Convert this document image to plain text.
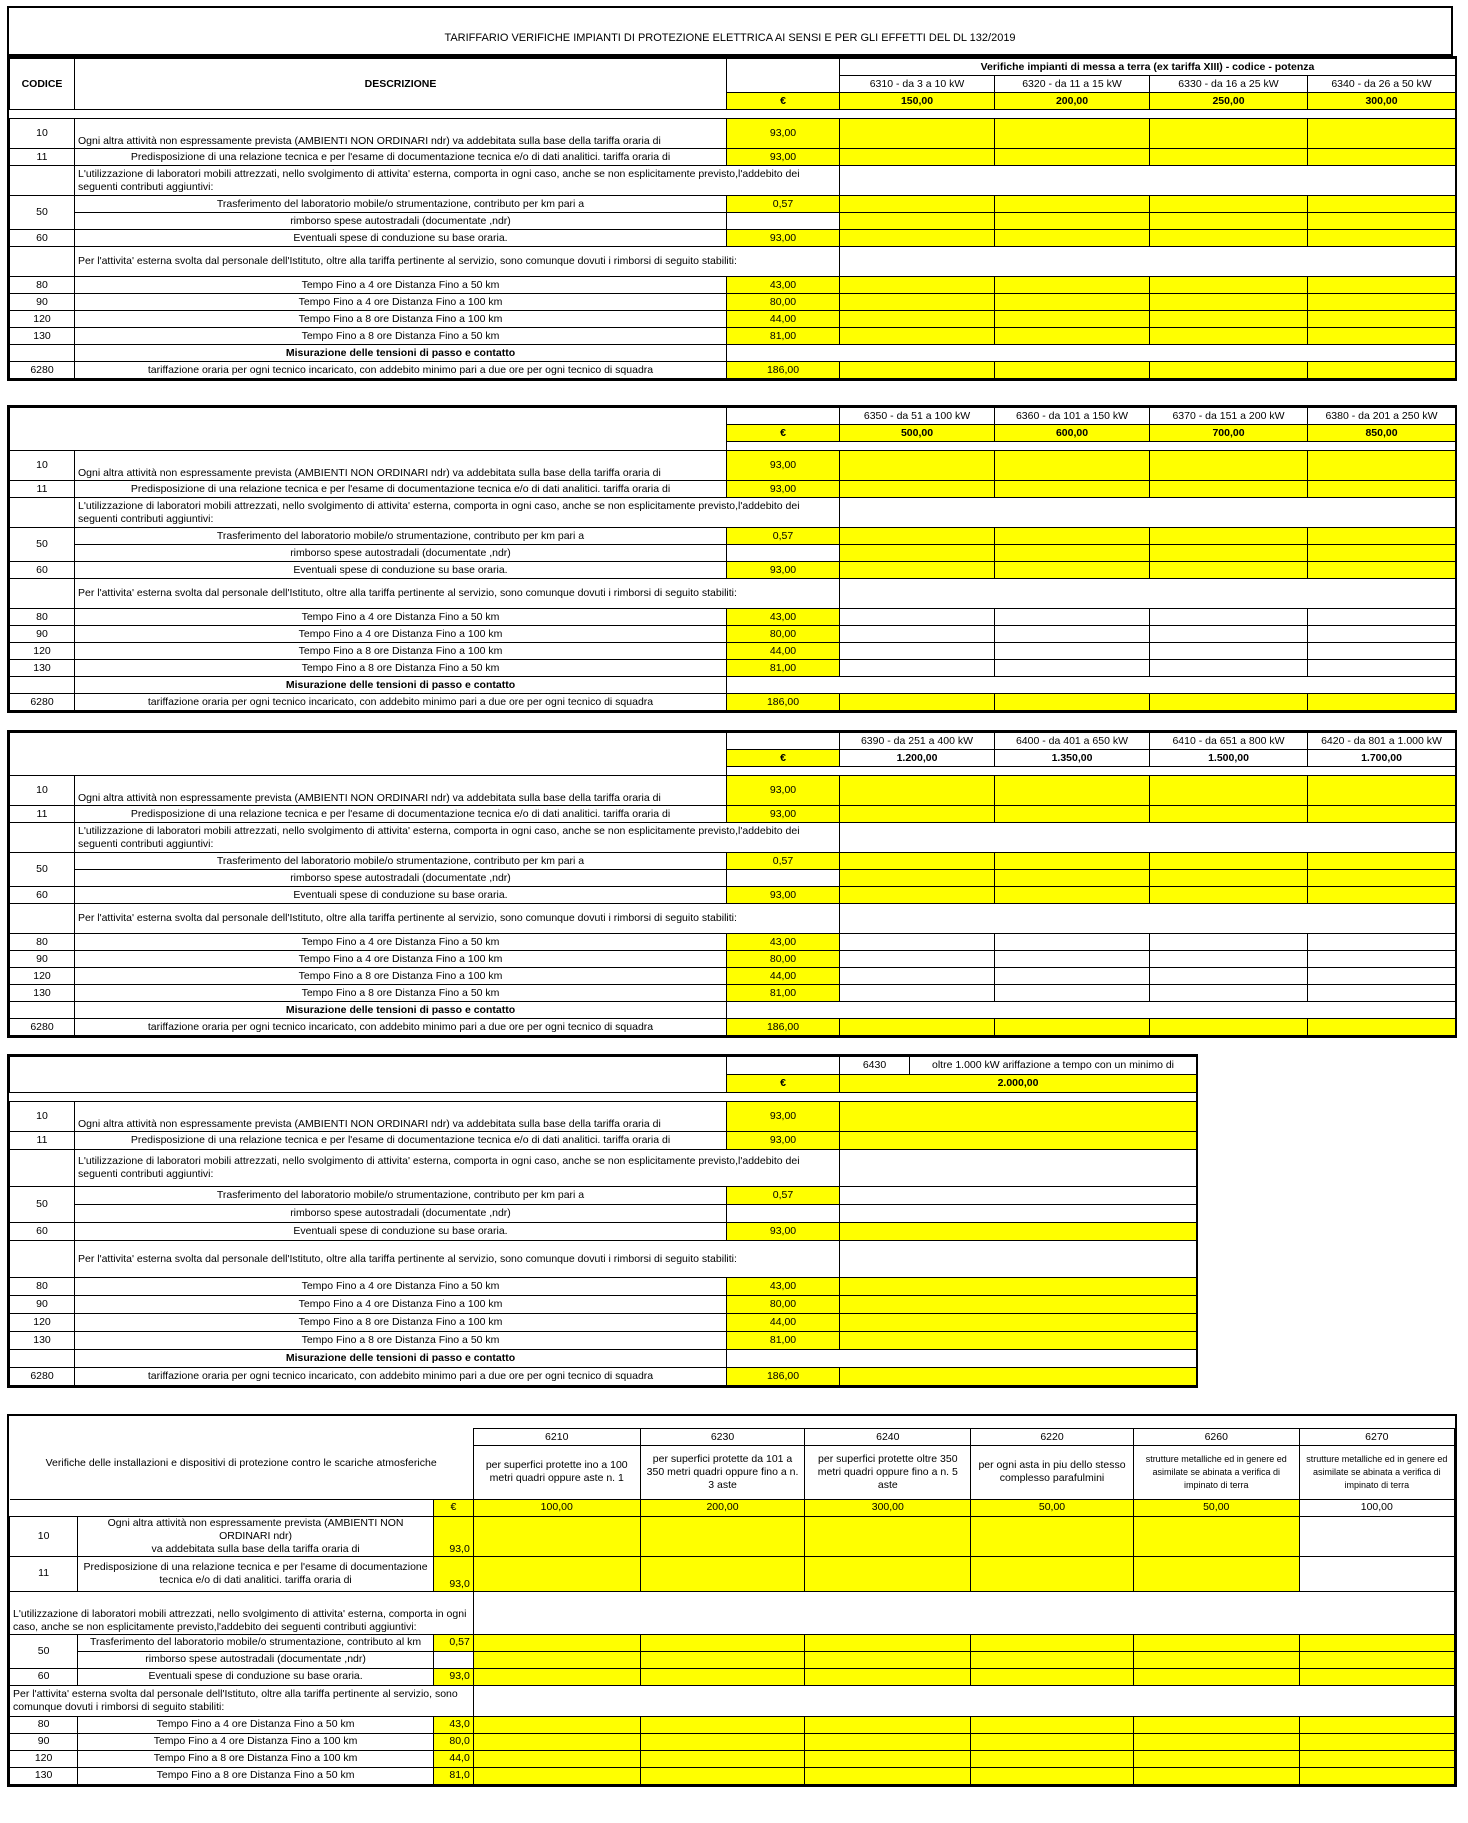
TARIFFARIO VERIFICHE IMPIANTI DI PROTEZIONE ELETTRICA AI SENSI E PER GLI EFFETTI DEL DL 132/2019
CODICE	DESCRIZIONE		Verifiche impianti di messa a terra (ex tariffa XIII) - codice - potenza			
			6310 - da 3 a 10 kW	6320 - da 11 a 15 kW	6330 - da 16 a 25 kW	6340 - da 26 a 50 kW
		€	150,00	200,00	250,00	300,00

10	Ogni altra attività non espressamente prevista (AMBIENTI NON ORDINARI ndr) va addebitata sulla base della tariffa oraria di	93,00				
11	Predisposizione di una relazione tecnica e per l'esame di documentazione tecnica e/o di dati analitici. tariffa oraria di	93,00				
	L'utilizzazione di laboratori mobili attrezzati, nello svolgimento di attivita' esterna, comporta in ogni caso, anche se non esplicitamente previsto,l'addebito dei seguenti contributi aggiuntivi:					
50	Trasferimento del laboratorio mobile/o strumentazione, contributo per km pari a	0,57				
	rimborso spese autostradali (documentate ,ndr)					
60	Eventuali spese di conduzione su base oraria.	93,00				
	Per l'attivita' esterna svolta dal personale dell'Istituto, oltre alla tariffa pertinente al servizio, sono comunque dovuti i rimborsi di seguito stabiliti:					
80	Tempo Fino a 4 ore Distanza Fino a 50 km	43,00				
90	Tempo Fino a 4 ore Distanza Fino a 100 km	80,00				
120	Tempo Fino a 8 ore Distanza Fino a 100 km	44,00				
130	Tempo Fino a 8 ore Distanza Fino a 50 km	81,00				
	Misurazione delle tensioni di passo e contatto					
6280	tariffazione oraria per ogni tecnico incaricato, con addebito minimo pari a due ore per ogni tecnico di squadra	186,00				
			6350 - da 51 a 100 kW	6360 - da 101 a 150 kW	6370 - da 151 a 200 kW	6380 - da 201 a 250 kW
		€	500,00	600,00	700,00	850,00

10	Ogni altra attività non espressamente prevista (AMBIENTI NON ORDINARI ndr) va addebitata sulla base della tariffa oraria di	93,00				
11	Predisposizione di una relazione tecnica e per l'esame di documentazione tecnica e/o di dati analitici. tariffa oraria di	93,00				
	L'utilizzazione di laboratori mobili attrezzati, nello svolgimento di attivita' esterna, comporta in ogni caso, anche se non esplicitamente previsto,l'addebito dei seguenti contributi aggiuntivi:					
50	Trasferimento del laboratorio mobile/o strumentazione, contributo per km pari a	0,57				
	rimborso spese autostradali (documentate ,ndr)					
60	Eventuali spese di conduzione su base oraria.	93,00				
	Per l'attivita' esterna svolta dal personale dell'Istituto, oltre alla tariffa pertinente al servizio, sono comunque dovuti i rimborsi di seguito stabiliti:					
80	Tempo Fino a 4 ore Distanza Fino a 50 km	43,00				
90	Tempo Fino a 4 ore Distanza Fino a 100 km	80,00				
120	Tempo Fino a 8 ore Distanza Fino a 100 km	44,00				
130	Tempo Fino a 8 ore Distanza Fino a 50 km	81,00				
	Misurazione delle tensioni di passo e contatto					
6280	tariffazione oraria per ogni tecnico incaricato, con addebito minimo pari a due ore per ogni tecnico di squadra	186,00				
			6390 - da 251 a 400 kW	6400 - da 401 a 650 kW	6410 - da 651 a 800 kW	6420 - da 801 a 1.000 kW
		€	1.200,00	1.350,00	1.500,00	1.700,00

10	Ogni altra attività non espressamente prevista (AMBIENTI NON ORDINARI ndr) va addebitata sulla base della tariffa oraria di	93,00				
11	Predisposizione di una relazione tecnica e per l'esame di documentazione tecnica e/o di dati analitici. tariffa oraria di	93,00				
	L'utilizzazione di laboratori mobili attrezzati, nello svolgimento di attivita' esterna, comporta in ogni caso, anche se non esplicitamente previsto,l'addebito dei seguenti contributi aggiuntivi:					
50	Trasferimento del laboratorio mobile/o strumentazione, contributo per km pari a	0,57				
	rimborso spese autostradali (documentate ,ndr)					
60	Eventuali spese di conduzione su base oraria.	93,00				
	Per l'attivita' esterna svolta dal personale dell'Istituto, oltre alla tariffa pertinente al servizio, sono comunque dovuti i rimborsi di seguito stabiliti:					
80	Tempo Fino a 4 ore Distanza Fino a 50 km	43,00				
90	Tempo Fino a 4 ore Distanza Fino a 100 km	80,00				
120	Tempo Fino a 8 ore Distanza Fino a 100 km	44,00				
130	Tempo Fino a 8 ore Distanza Fino a 50 km	81,00				
	Misurazione delle tensioni di passo e contatto					
6280	tariffazione oraria per ogni tecnico incaricato, con addebito minimo pari a due ore per ogni tecnico di squadra	186,00				
			6430	oltre 1.000 kW ariffazione a tempo con un minimo di
		€	2.000,00	

10	Ogni altra attività non espressamente prevista (AMBIENTI NON ORDINARI ndr) va addebitata sulla base della tariffa oraria di	93,00		
11	Predisposizione di una relazione tecnica e per l'esame di documentazione tecnica e/o di dati analitici. tariffa oraria di	93,00		
	L'utilizzazione di laboratori mobili attrezzati, nello svolgimento di attivita' esterna, comporta in ogni caso, anche se non esplicitamente previsto,l'addebito dei seguenti contributi aggiuntivi:			
50	Trasferimento del laboratorio mobile/o strumentazione, contributo per km pari a	0,57		
	rimborso spese autostradali (documentate ,ndr)			
60	Eventuali spese di conduzione su base oraria.	93,00		
	Per l'attivita' esterna svolta dal personale dell'Istituto, oltre alla tariffa pertinente al servizio, sono comunque dovuti i rimborsi di seguito stabiliti:			
80	Tempo Fino a 4 ore Distanza Fino a 50 km	43,00		
90	Tempo Fino a 4 ore Distanza Fino a 100 km	80,00		
120	Tempo Fino a 8 ore Distanza Fino a 100 km	44,00		
130	Tempo Fino a 8 ore Distanza Fino a 50 km	81,00		
	Misurazione delle tensioni di passo e contatto			
6280	tariffazione oraria per ogni tecnico incaricato, con addebito minimo pari a due ore per ogni tecnico di squadra	186,00		

Verifiche delle installazioni e dispositivi di protezione contro le scariche atmosferiche			6210	6230	6240	6220	6260	6270
			per superfici protette ino a 100 metri quadri oppure aste n. 1	per superfici protette da 101 a 350 metri quadri oppure fino a n. 3 aste	per superfici protette oltre 350 metri quadri oppure fino a n. 5 aste	per ogni asta in piu dello stesso complesso parafulmini	strutture metalliche ed in genere ed asimilate se abinata a verifica di impinato di terra	strutture metalliche ed in genere ed asimilate se abinata a verifica di impinato di terra
		€	100,00	200,00	300,00	50,00	50,00	100,00
10	Ogni altra attività non espressamente prevista (AMBIENTI NON ORDINARI ndr)
va addebitata sulla base della tariffa oraria di	93,0						
11	Predisposizione di una relazione tecnica e per l'esame di documentazione
tecnica e/o di dati analitici. tariffa oraria di	93,0						
L'utilizzazione di laboratori mobili attrezzati, nello svolgimento di attivita' esterna, comporta in ogni caso, anche se non esplicitamente previsto,l'addebito dei seguenti contributi aggiuntivi:								
50	Trasferimento del laboratorio mobile/o strumentazione, contributo al km	0,57						
	rimborso spese autostradali (documentate ,ndr)							
60	Eventuali spese di conduzione su base oraria.	93,0						
Per l'attivita' esterna svolta dal personale dell'Istituto, oltre alla tariffa pertinente al servizio, sono comunque dovuti i rimborsi di seguito stabiliti:								
80	Tempo Fino a 4 ore Distanza Fino a 50 km	43,0						
90	Tempo Fino a 4 ore Distanza Fino a 100 km	80,0						
120	Tempo Fino a 8 ore Distanza Fino a 100 km	44,0						
130	Tempo Fino a 8 ore Distanza Fino a 50 km	81,0						
